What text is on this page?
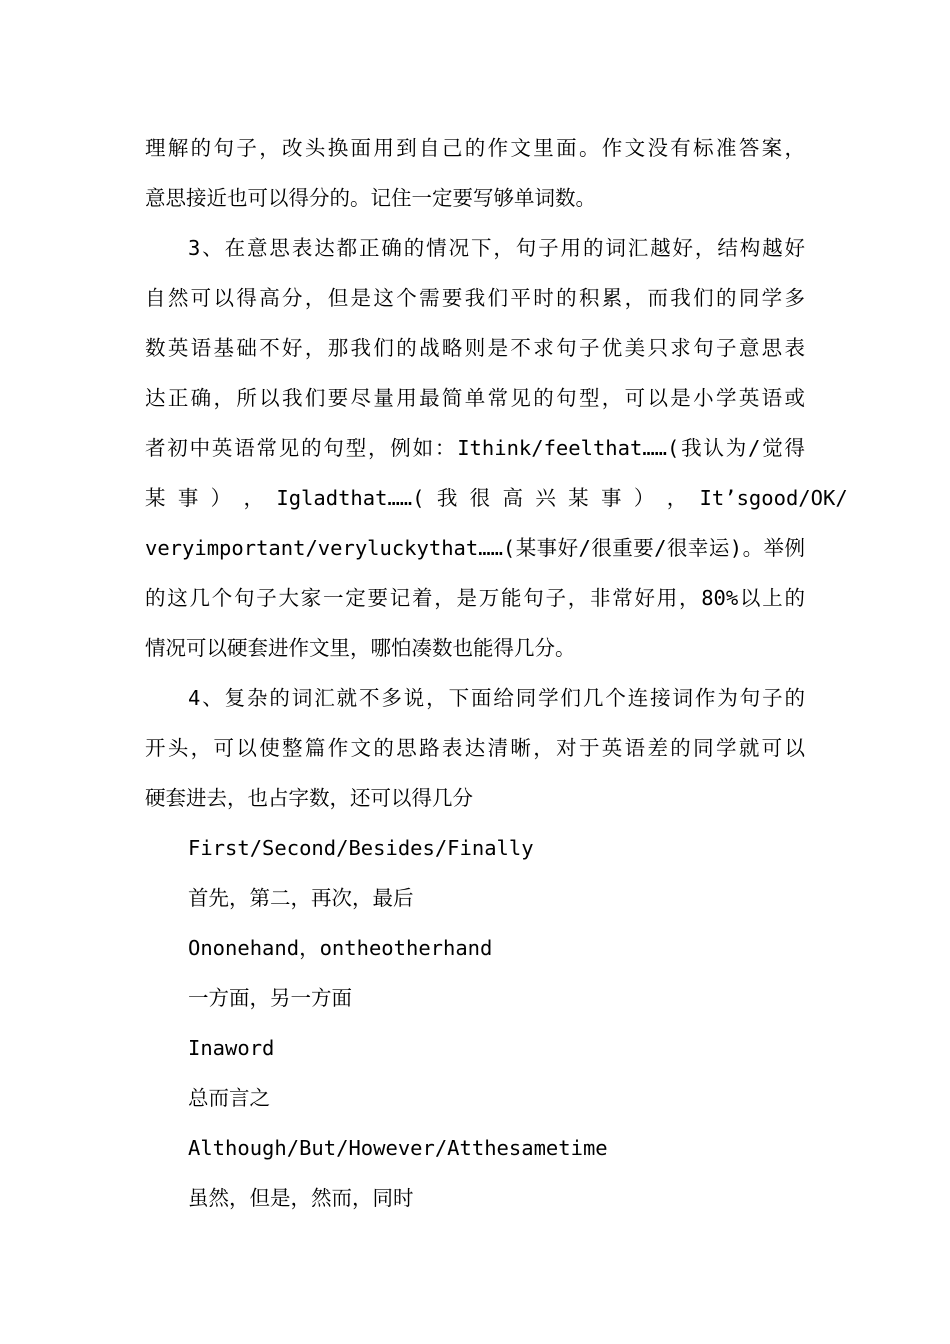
理解的句子，改头换面用到自己的作文里面。作文没有标准答案，
意思接近也可以得分的。记住一定要写够单词数。
3、在意思表达都正确的情况下，句子用的词汇越好，结构越好
自然可以得高分，但是这个需要我们平时的积累，而我们的同学多
数英语基础不好，那我们的战略则是不求句子优美只求句子意思表
达正确，所以我们要尽量用最简单常见的句型，可以是小学英语或
者初中英语常见的句型，例如：Ithink/feelthat……(我认为/觉得
某 事 ） ， Igladthat……( 我 很 高 兴 某 事 ） ， It’sgood/OK/
veryimportant/veryluckythat……(某事好/很重要/很幸运)。举例
的这几个句子大家一定要记着，是万能句子，非常好用，80%以上的
情况可以硬套进作文里，哪怕凑数也能得几分。
4、复杂的词汇就不多说，下面给同学们几个连接词作为句子的
开头，可以使整篇作文的思路表达清晰，对于英语差的同学就可以
硬套进去，也占字数，还可以得几分
First/Second/Besides/Finally
首先，第二，再次，最后
Ononehand，ontheotherhand
一方面，另一方面
Inaword
总而言之
Although/But/However/Atthesametime
虽然，但是，然而，同时
